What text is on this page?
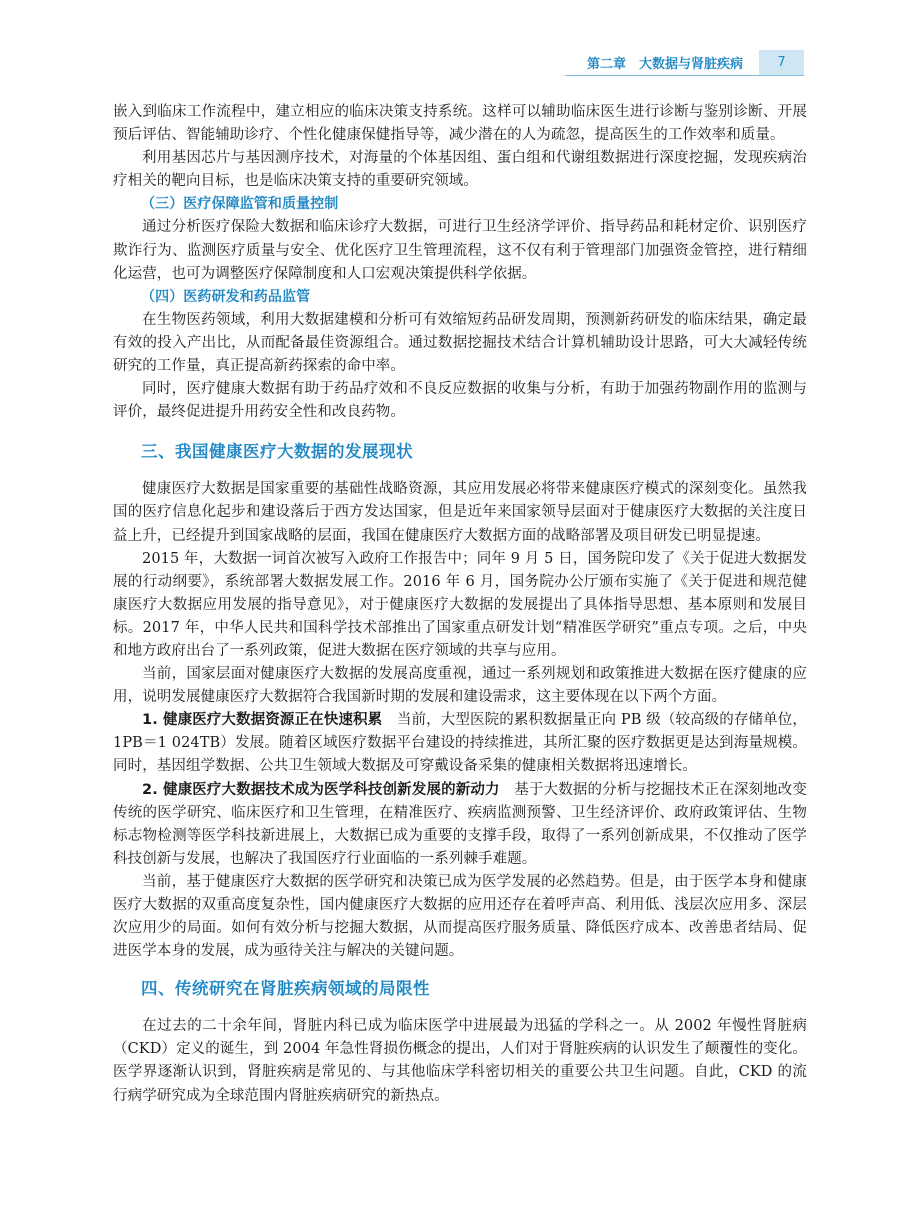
第二章　大数据与肾脏疾病	7

嵌入到临床工作流程中，建立相应的临床决策支持系统。这样可以辅助临床医生进行诊断与鉴别诊断、开展预后评估、智能辅助诊疗、个性化健康保健指导等，减少潜在的人为疏忽，提高医生的工作效率和质量。

利用基因芯片与基因测序技术，对海量的个体基因组、蛋白组和代谢组数据进行深度挖掘，发现疾病治疗相关的靶向目标，也是临床决策支持的重要研究领域。

（三）医疗保障监管和质量控制

通过分析医疗保险大数据和临床诊疗大数据，可进行卫生经济学评价、指导药品和耗材定价、识别医疗欺诈行为、监测医疗质量与安全、优化医疗卫生管理流程，这不仅有利于管理部门加强资金管控，进行精细化运营，也可为调整医疗保障制度和人口宏观决策提供科学依据。

（四）医药研发和药品监管

在生物医药领域，利用大数据建模和分析可有效缩短药品研发周期，预测新药研发的临床结果，确定最有效的投入产出比，从而配备最佳资源组合。通过数据挖掘技术结合计算机辅助设计思路，可大大减轻传统研究的工作量，真正提高新药探索的命中率。

同时，医疗健康大数据有助于药品疗效和不良反应数据的收集与分析，有助于加强药物副作用的监测与评价，最终促进提升用药安全性和改良药物。

三、我国健康医疗大数据的发展现状

健康医疗大数据是国家重要的基础性战略资源，其应用发展必将带来健康医疗模式的深刻变化。虽然我国的医疗信息化起步和建设落后于西方发达国家，但是近年来国家领导层面对于健康医疗大数据的关注度日益上升，已经提升到国家战略的层面，我国在健康医疗大数据方面的战略部署及项目研发已明显提速。

2015 年，大数据一词首次被写入政府工作报告中；同年 9 月 5 日，国务院印发了《关于促进大数据发展的行动纲要》，系统部署大数据发展工作。2016 年 6 月，国务院办公厅颁布实施了《关于促进和规范健康医疗大数据应用发展的指导意见》，对于健康医疗大数据的发展提出了具体指导思想、基本原则和发展目标。2017 年，中华人民共和国科学技术部推出了国家重点研发计划“精准医学研究”重点专项。之后，中央和地方政府出台了一系列政策，促进大数据在医疗领域的共享与应用。

当前，国家层面对健康医疗大数据的发展高度重视，通过一系列规划和政策推进大数据在医疗健康的应用，说明发展健康医疗大数据符合我国新时期的发展和建设需求，这主要体现在以下两个方面。

1. 健康医疗大数据资源正在快速积累　当前，大型医院的累积数据量正向 PB 级（较高级的存储单位，1PB＝1 024TB）发展。随着区域医疗数据平台建设的持续推进，其所汇聚的医疗数据更是达到海量规模。同时，基因组学数据、公共卫生领域大数据及可穿戴设备采集的健康相关数据将迅速增长。

2. 健康医疗大数据技术成为医学科技创新发展的新动力　基于大数据的分析与挖掘技术正在深刻地改变传统的医学研究、临床医疗和卫生管理，在精准医疗、疾病监测预警、卫生经济评价、政府政策评估、生物标志物检测等医学科技新进展上，大数据已成为重要的支撑手段，取得了一系列创新成果，不仅推动了医学科技创新与发展，也解决了我国医疗行业面临的一系列棘手难题。

当前，基于健康医疗大数据的医学研究和决策已成为医学发展的必然趋势。但是，由于医学本身和健康医疗大数据的双重高度复杂性，国内健康医疗大数据的应用还存在着呼声高、利用低、浅层次应用多、深层次应用少的局面。如何有效分析与挖掘大数据，从而提高医疗服务质量、降低医疗成本、改善患者结局、促进医学本身的发展，成为亟待关注与解决的关键问题。

四、传统研究在肾脏疾病领域的局限性

在过去的二十余年间，肾脏内科已成为临床医学中进展最为迅猛的学科之一。从 2002 年慢性肾脏病（CKD）定义的诞生，到 2004 年急性肾损伤概念的提出，人们对于肾脏疾病的认识发生了颠覆性的变化。医学界逐渐认识到，肾脏疾病是常见的、与其他临床学科密切相关的重要公共卫生问题。自此，CKD 的流行病学研究成为全球范围内肾脏疾病研究的新热点。
